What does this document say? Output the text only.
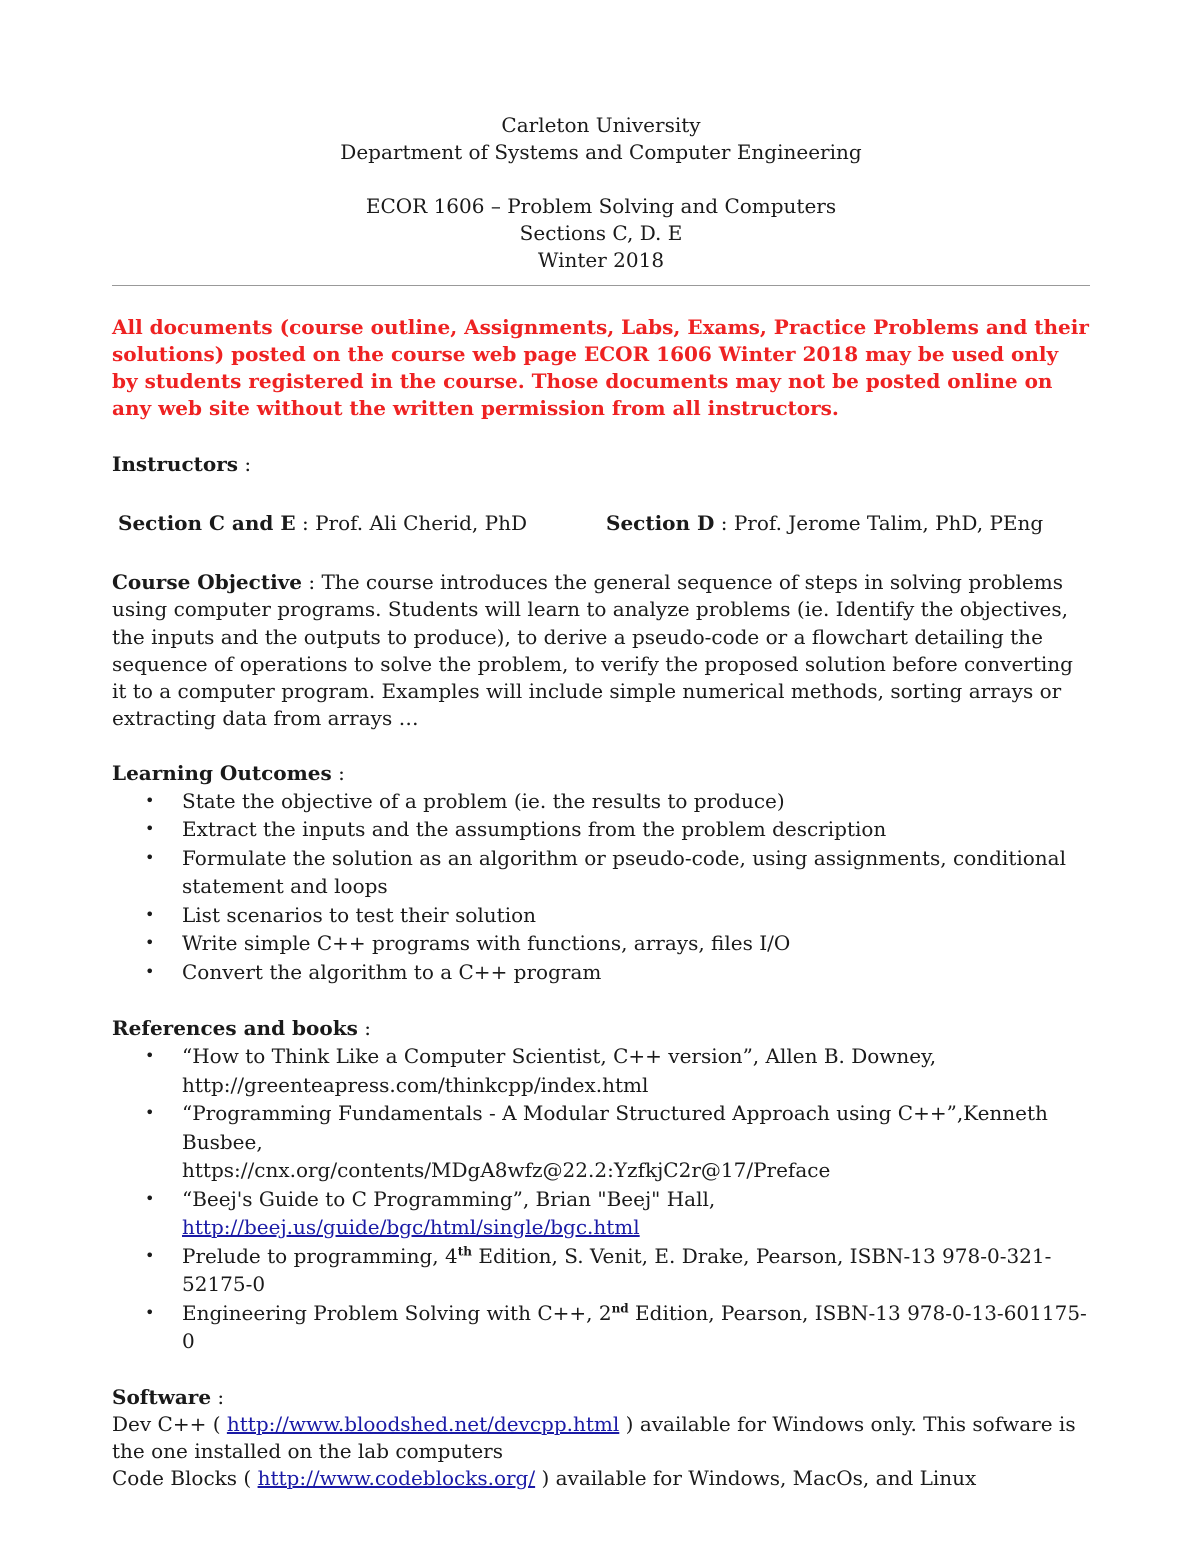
Carleton University
Department of Systems and Computer Engineering
ECOR 1606 – Problem Solving and Computers
Sections C, D. E
Winter 2018
All documents (course outline, Assignments, Labs, Exams, Practice Problems and their solutions) posted on the course web page ECOR 1606 Winter 2018 may be used only by students registered in the course. Those documents may not be posted online on any web site without the written permission from all instructors.
Instructors :
Section C and E : Prof. Ali Cherid, PhD	Section D : Prof. Jerome Talim, PhD, PEng
Course Objective : The course introduces the general sequence of steps in solving problems using computer programs. Students will learn to analyze problems (ie. Identify the objectives, the inputs and the outputs to produce), to derive a pseudo-code or a flowchart detailing the sequence of operations to solve the problem, to verify the proposed solution before converting it to a computer program. Examples will include simple numerical methods, sorting arrays or extracting data from arrays …
Learning Outcomes :
• State the objective of a problem (ie. the results to produce)
• Extract the inputs and the assumptions from the problem description
• Formulate the solution as an algorithm or pseudo-code, using assignments, conditional statement and loops
• List scenarios to test their solution
• Write simple C++ programs with functions, arrays, files I/O
• Convert the algorithm to a C++ program
References and books :
• “How to Think Like a Computer Scientist, C++ version”, Allen B. Downey,
http://greenteapress.com/thinkcpp/index.html
• “Programming Fundamentals - A Modular Structured Approach using C++”,Kenneth Busbee,
https://cnx.org/contents/MDgA8wfz@22.2:YzfkjC2r@17/Preface
• “Beej's Guide to C Programming”, Brian "Beej" Hall,
http://beej.us/guide/bgc/html/single/bgc.html
• Prelude to programming, 4th Edition, S. Venit, E. Drake, Pearson, ISBN-13 978-0-321-52175-0
• Engineering Problem Solving with C++, 2nd Edition, Pearson, ISBN-13 978-0-13-601175-0
Software :
Dev C++ ( http://www.bloodshed.net/devcpp.html ) available for Windows only. This sofware is the one installed on the lab computers
Code Blocks ( http://www.codeblocks.org/ ) available for Windows, MacOs, and Linux
